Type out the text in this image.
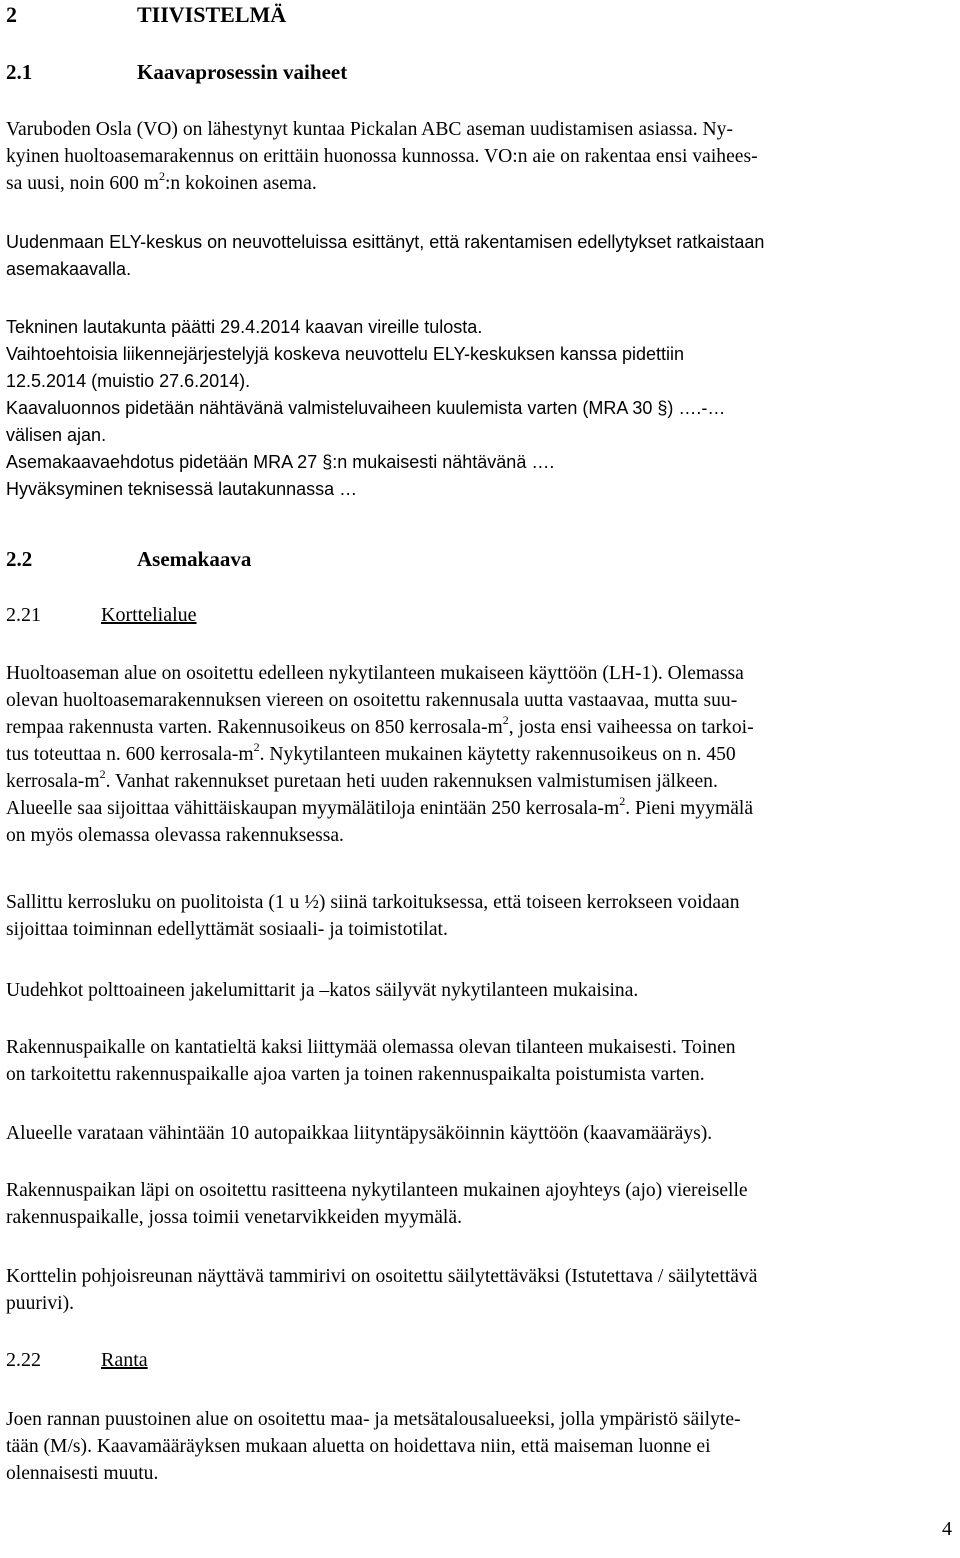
2	TIIVISTELMÄ
2.1	Kaavaprosessin vaiheet
Varuboden Osla (VO) on lähestynyt kuntaa Pickalan ABC aseman uudistamisen asiassa. Ny-
kyinen huoltoasemarakennus on erittäin huonossa kunnossa. VO:n aie on rakentaa ensi vaihees-
sa uusi, noin 600 $m^2:n$ kokoinen asema.
Uudenmaan ELY-keskus on neuvotteluissa esittänyt, että rakentamisen edellytykset ratkaistaan
asemakaavalla.
Tekninen lautakunta päätti 29.4.2014 kaavan vireille tulosta.
Vaihtoehtoisia liikennejärjestelyjä koskeva neuvottelu ELY-keskuksen kanssa pidettiin
12.5.2014 (muistio 27.6.2014).
Kaavaluonnos pidetään nähtävänä valmisteluvaiheen kuulemista varten (MRA 30 §) ….-…
välisen ajan.
Asemakaavaehdotus pidetään MRA 27 §:n mukaisesti nähtävänä ….
Hyväksyminen teknisessä lautakunnassa …
2.2	Asemakaava
2.21	Korttelialue
Huoltoaseman alue on osoitettu edelleen nykytilanteen mukaiseen käyttöön (LH-1). Olemassa
olevan huoltoasemarakennuksen viereen on osoitettu rakennusala uutta vastaavaa, mutta suu-
rempaa rakennusta varten. Rakennusoikeus on 850 kerrosala-$m^2$, josta ensi vaiheessa on tarkoi-
tus toteuttaa n. 600 kerrosala-$m^2$. Nykytilanteen mukainen käytetty rakennusoikeus on n. 450
kerrosala-$m^2$. Vanhat rakennukset puretaan heti uuden rakennuksen valmistumisen jälkeen.
Alueelle saa sijoittaa vähittäiskaupan myymälätiloja enintään 250 kerrosala-$m^2$. Pieni myymälä
on myös olemassa olevassa rakennuksessa.
Sallittu kerrosluku on puolitoista (1 u ½) siinä tarkoituksessa, että toiseen kerrokseen voidaan
sijoittaa toiminnan edellyttämät sosiaali- ja toimistotilat.
Uudehkot polttoaineen jakelumittarit ja –katos säilyvät nykytilanteen mukaisina.
Rakennuspaikalle on kantatieltä kaksi liittymää olemassa olevan tilanteen mukaisesti. Toinen
on tarkoitettu rakennuspaikalle ajoa varten ja toinen rakennuspaikalta poistumista varten.
Alueelle varataan vähintään 10 autopaikkaa liityntäpysäköinnin käyttöön (kaavamääräys).
Rakennuspaikan läpi on osoitettu rasitteena nykytilanteen mukainen ajoyhteys (ajo) viereiselle
rakennuspaikalle, jossa toimii venetarvikkeiden myymälä.
Korttelin pohjoisreunan näyttävä tammirivi on osoitettu säilytettäväksi (Istutettava / säilytettävä
puurivi).
2.22	Ranta
Joen rannan puustoinen alue on osoitettu maa- ja metsätalousalueeksi, jolla ympäristö säilyte-
tään (M/s). Kaavamääräyksen mukaan aluetta on hoidettava niin, että maiseman luonne ei
olennaisesti muutu.
4
